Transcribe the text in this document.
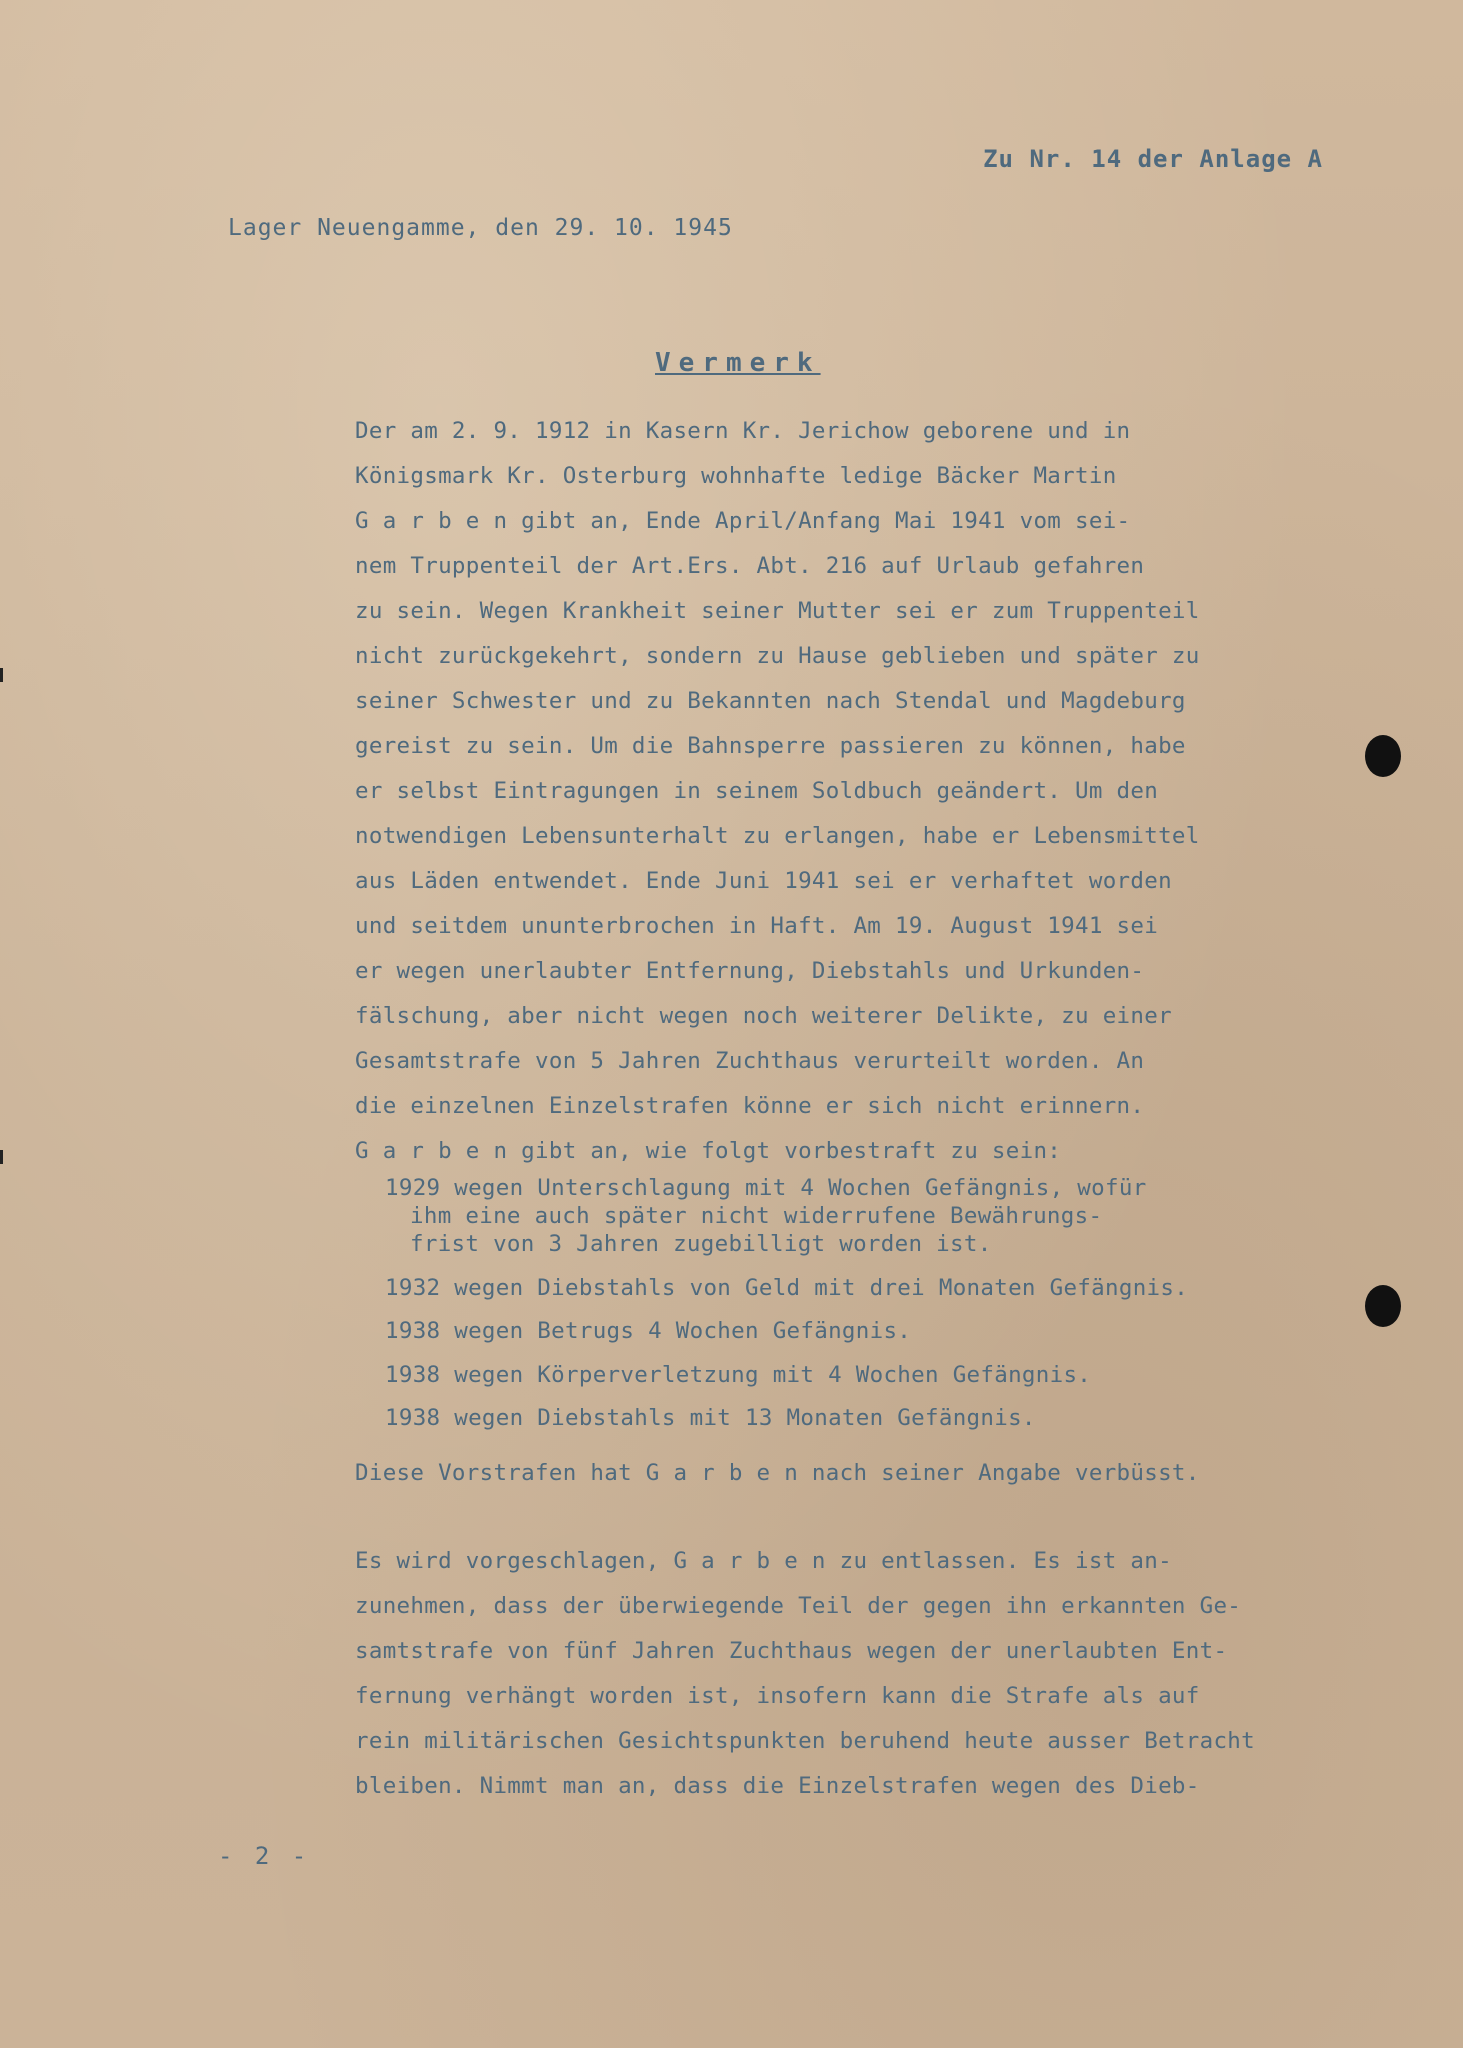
Zu Nr. 14 der Anlage A
Lager Neuengamme, den 29. 10. 1945
Vermerk
Der am 2. 9. 1912 in Kasern Kr. Jerichow geborene und in
Königsmark Kr. Osterburg wohnhafte ledige Bäcker Martin
G a r b e n gibt an, Ende April/Anfang Mai 1941 vom sei-
nem Truppenteil der Art.Ers. Abt. 216 auf Urlaub gefahren
zu sein. Wegen Krankheit seiner Mutter sei er zum Truppenteil
nicht zurückgekehrt, sondern zu Hause geblieben und später zu
seiner Schwester und zu Bekannten nach Stendal und Magdeburg
gereist zu sein. Um die Bahnsperre passieren zu können, habe
er selbst Eintragungen in seinem Soldbuch geändert. Um den
notwendigen Lebensunterhalt zu erlangen, habe er Lebensmittel
aus Läden entwendet. Ende Juni 1941 sei er verhaftet worden
und seitdem ununterbrochen in Haft. Am 19. August 1941 sei
er wegen unerlaubter Entfernung, Diebstahls und Urkunden-
fälschung, aber nicht wegen noch weiterer Delikte, zu einer
Gesamtstrafe von 5 Jahren Zuchthaus verurteilt worden. An
die einzelnen Einzelstrafen könne er sich nicht erinnern.
G a r b e n gibt an, wie folgt vorbestraft zu sein:
1929 wegen Unterschlagung mit 4 Wochen Gefängnis, wofür
ihm eine auch später nicht widerrufene Bewährungs-
frist von 3 Jahren zugebilligt worden ist.
1932 wegen Diebstahls von Geld mit drei Monaten Gefängnis.
1938 wegen Betrugs 4 Wochen Gefängnis.
1938 wegen Körperverletzung mit 4 Wochen Gefängnis.
1938 wegen Diebstahls mit 13 Monaten Gefängnis.
Diese Vorstrafen hat G a r b e n nach seiner Angabe verbüsst.
Es wird vorgeschlagen, G a r b e n zu entlassen. Es ist an-
zunehmen, dass der überwiegende Teil der gegen ihn erkannten Ge-
samtstrafe von fünf Jahren Zuchthaus wegen der unerlaubten Ent-
fernung verhängt worden ist, insofern kann die Strafe als auf
rein militärischen Gesichtspunkten beruhend heute ausser Betracht
bleiben. Nimmt man an, dass die Einzelstrafen wegen des Dieb-
- 2 -
